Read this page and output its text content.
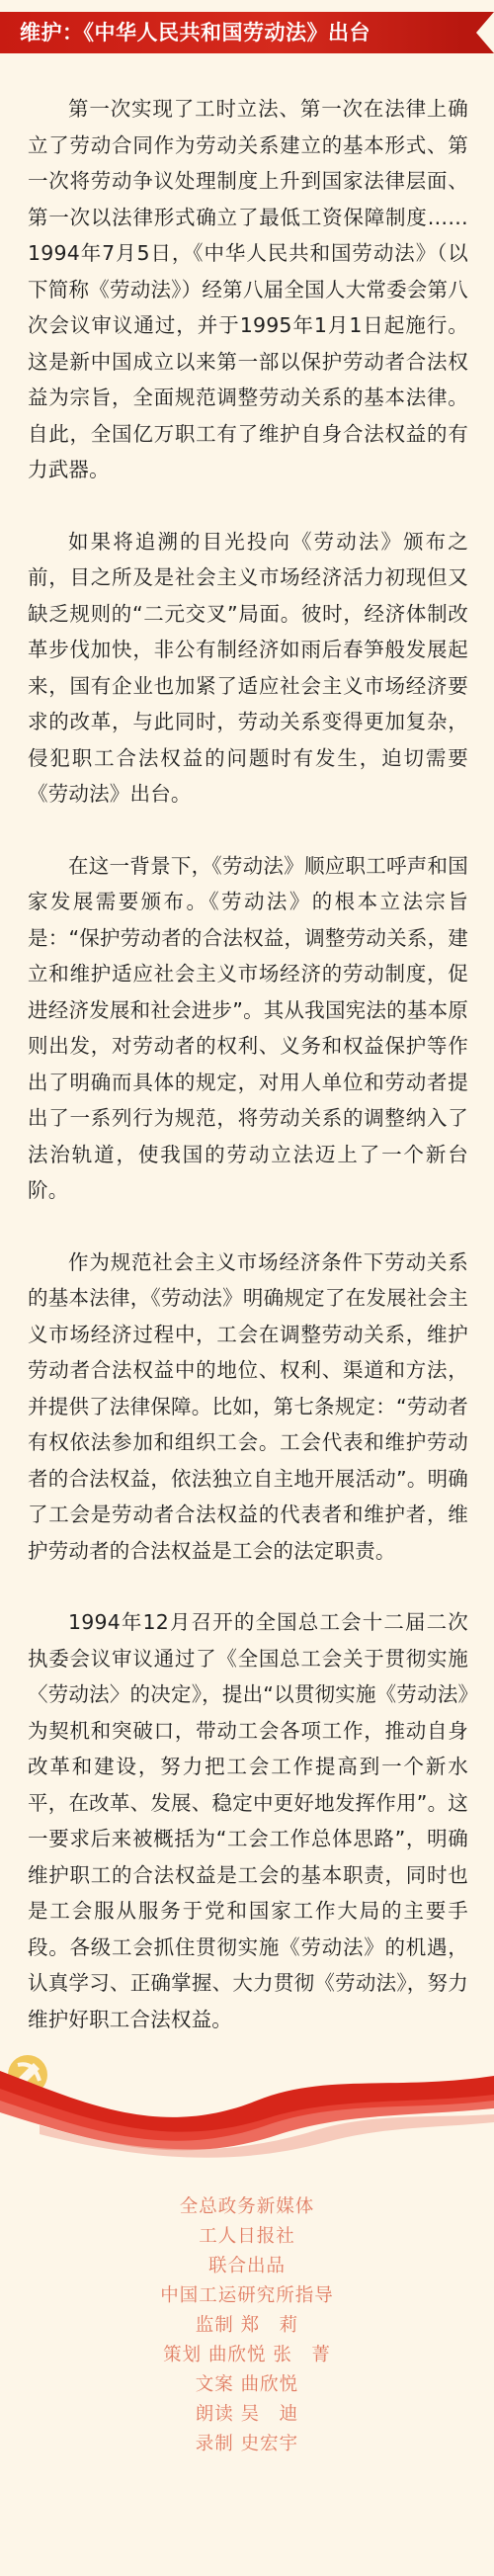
维护：《中华人民共和国劳动法》出台

第一次实现了工时立法、第一次在法律上确立了劳动合同作为劳动关系建立的基本形式、第一次将劳动争议处理制度上升到国家法律层面、第一次以法律形式确立了最低工资保障制度……1994年7月5日，《中华人民共和国劳动法》（以下简称《劳动法》）经第八届全国人大常委会第八次会议审议通过，并于1995年1月1日起施行。这是新中国成立以来第一部以保护劳动者合法权益为宗旨，全面规范调整劳动关系的基本法律。自此，全国亿万职工有了维护自身合法权益的有力武器。

如果将追溯的目光投向《劳动法》颁布之前，目之所及是社会主义市场经济活力初现但又缺乏规则的“二元交叉”局面。彼时，经济体制改革步伐加快，非公有制经济如雨后春笋般发展起来，国有企业也加紧了适应社会主义市场经济要求的改革，与此同时，劳动关系变得更加复杂，侵犯职工合法权益的问题时有发生，迫切需要《劳动法》出台。

在这一背景下，《劳动法》顺应职工呼声和国家发展需要颁布。《劳动法》的根本立法宗旨是：“保护劳动者的合法权益，调整劳动关系，建立和维护适应社会主义市场经济的劳动制度，促进经济发展和社会进步”。其从我国宪法的基本原则出发，对劳动者的权利、义务和权益保护等作出了明确而具体的规定，对用人单位和劳动者提出了一系列行为规范，将劳动关系的调整纳入了法治轨道，使我国的劳动立法迈上了一个新台阶。

作为规范社会主义市场经济条件下劳动关系的基本法律，《劳动法》明确规定了在发展社会主义市场经济过程中，工会在调整劳动关系，维护劳动者合法权益中的地位、权利、渠道和方法，并提供了法律保障。比如，第七条规定：“劳动者有权依法参加和组织工会。工会代表和维护劳动者的合法权益，依法独立自主地开展活动”。明确了工会是劳动者合法权益的代表者和维护者，维护劳动者的合法权益是工会的法定职责。

1994年12月召开的全国总工会十二届二次执委会议审议通过了《全国总工会关于贯彻实施〈劳动法〉的决定》，提出“以贯彻实施《劳动法》为契机和突破口，带动工会各项工作，推动自身改革和建设，努力把工会工作提高到一个新水平，在改革、发展、稳定中更好地发挥作用”。这一要求后来被概括为“工会工作总体思路”，明确维护职工的合法权益是工会的基本职责，同时也是工会服从服务于党和国家工作大局的主要手段。各级工会抓住贯彻实施《劳动法》的机遇，认真学习、正确掌握、大力贯彻《劳动法》，努力维护好职工合法权益。

全总政务新媒体
工人日报社
联合出品
中国工运研究所指导
监制 郑　莉
策划 曲欣悦 张　菁
文案 曲欣悦
朗读 吴　迪
录制 史宏宇
